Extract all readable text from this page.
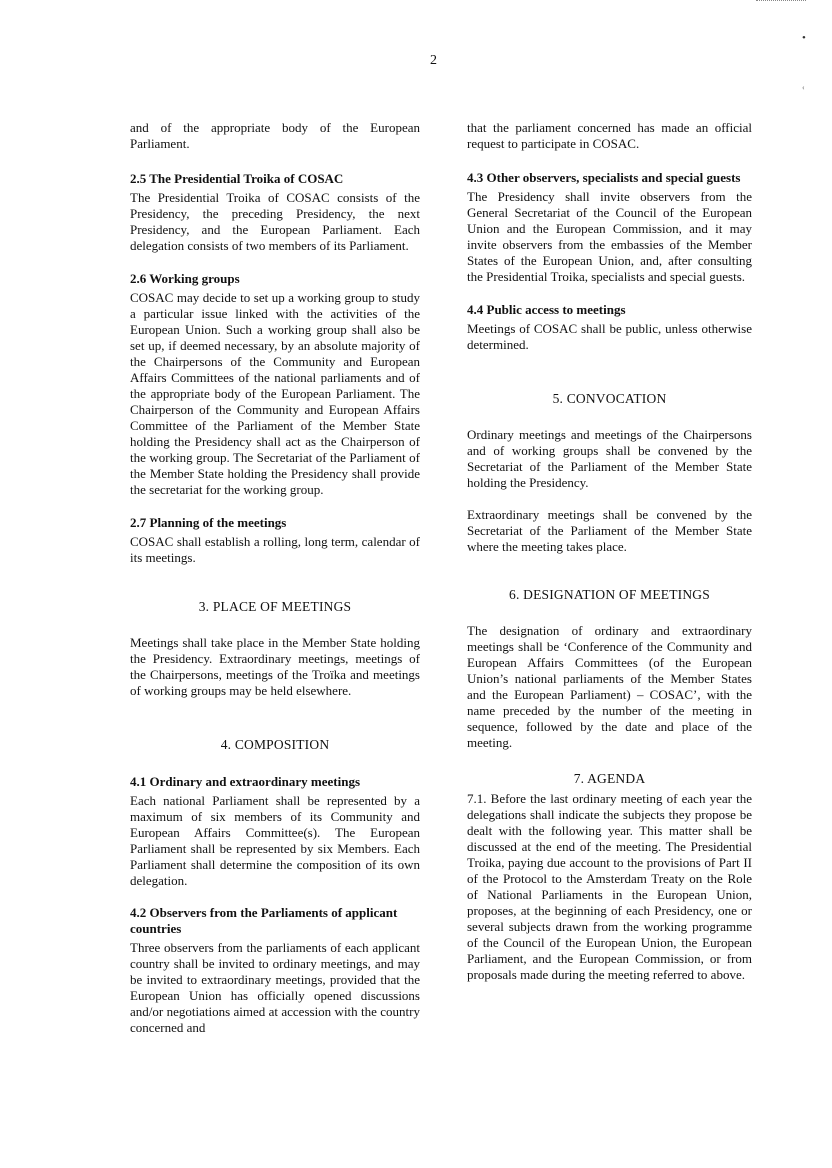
•
‹
2

and of the appropriate body of the European Parliament.

2.5 The Presidential Troika of COSAC

The Presidential Troika of COSAC consists of the Presidency, the preceding Presidency, the next Presidency, and the European Parliament. Each delegation consists of two members of its Parliament.

2.6 Working groups

COSAC may decide to set up a working group to study a particular issue linked with the activities of the European Union. Such a working group shall also be set up, if deemed necessary, by an absolute majority of the Chairpersons of the Community and European Affairs Committees of the national parliaments and of the appropriate body of the European Parliament. The Chairperson of the Community and European Affairs Committee of the Parliament of the Member State holding the Presidency shall act as the Chairperson of the working group. The Secretariat of the Parliament of the Member State holding the Presidency shall provide the secretariat for the working group.

2.7 Planning of the meetings

COSAC shall establish a rolling, long term, calendar of its meetings.

3. PLACE OF MEETINGS

Meetings shall take place in the Member State holding the Presidency. Extraordinary meetings, meetings of the Chairpersons, meetings of the Troïka and meetings of working groups may be held elsewhere.

4. COMPOSITION

4.1 Ordinary and extraordinary meetings

Each national Parliament shall be represented by a maximum of six members of its Community and European Affairs Committee(s). The European Parliament shall be represented by six Members. Each Parliament shall determine the composition of its own delegation.

4.2 Observers from the Parliaments of applicant countries

Three observers from the parliaments of each applicant country shall be invited to ordinary meetings, and may be invited to extraordinary meetings, provided that the European Union has officially opened discussions and/or negotiations aimed at accession with the country concerned and

that the parliament concerned has made an official request to participate in COSAC.

4.3 Other observers, specialists and special guests

The Presidency shall invite observers from the General Secretariat of the Council of the European Union and the European Commission, and it may invite observers from the embassies of the Member States of the European Union, and, after consulting the Presidential Troika, specialists and special guests.

4.4 Public access to meetings

Meetings of COSAC shall be public, unless otherwise determined.

5. CONVOCATION

Ordinary meetings and meetings of the Chairpersons and of working groups shall be convened by the Secretariat of the Parliament of the Member State holding the Presidency.

Extraordinary meetings shall be convened by the Secretariat of the Parliament of the Member State where the meeting takes place.

6. DESIGNATION OF MEETINGS

The designation of ordinary and extraordinary meetings shall be ‘Conference of the Community and European Affairs Committees (of the European Union’s national parliaments of the Member States and the European Parliament) – COSAC’, with the name preceded by the number of the meeting in sequence, followed by the date and place of the meeting.

7. AGENDA

7.1. Before the last ordinary meeting of each year the delegations shall indicate the subjects they propose be dealt with the following year. This matter shall be discussed at the end of the meeting. The Presidential Troika, paying due account to the provisions of Part II of the Protocol to the Amsterdam Treaty on the Role of National Parliaments in the European Union, proposes, at the beginning of each Presidency, one or several subjects drawn from the working programme of the Council of the European Union, the European Parliament, and the European Commission, or from proposals made during the meeting referred to above.
